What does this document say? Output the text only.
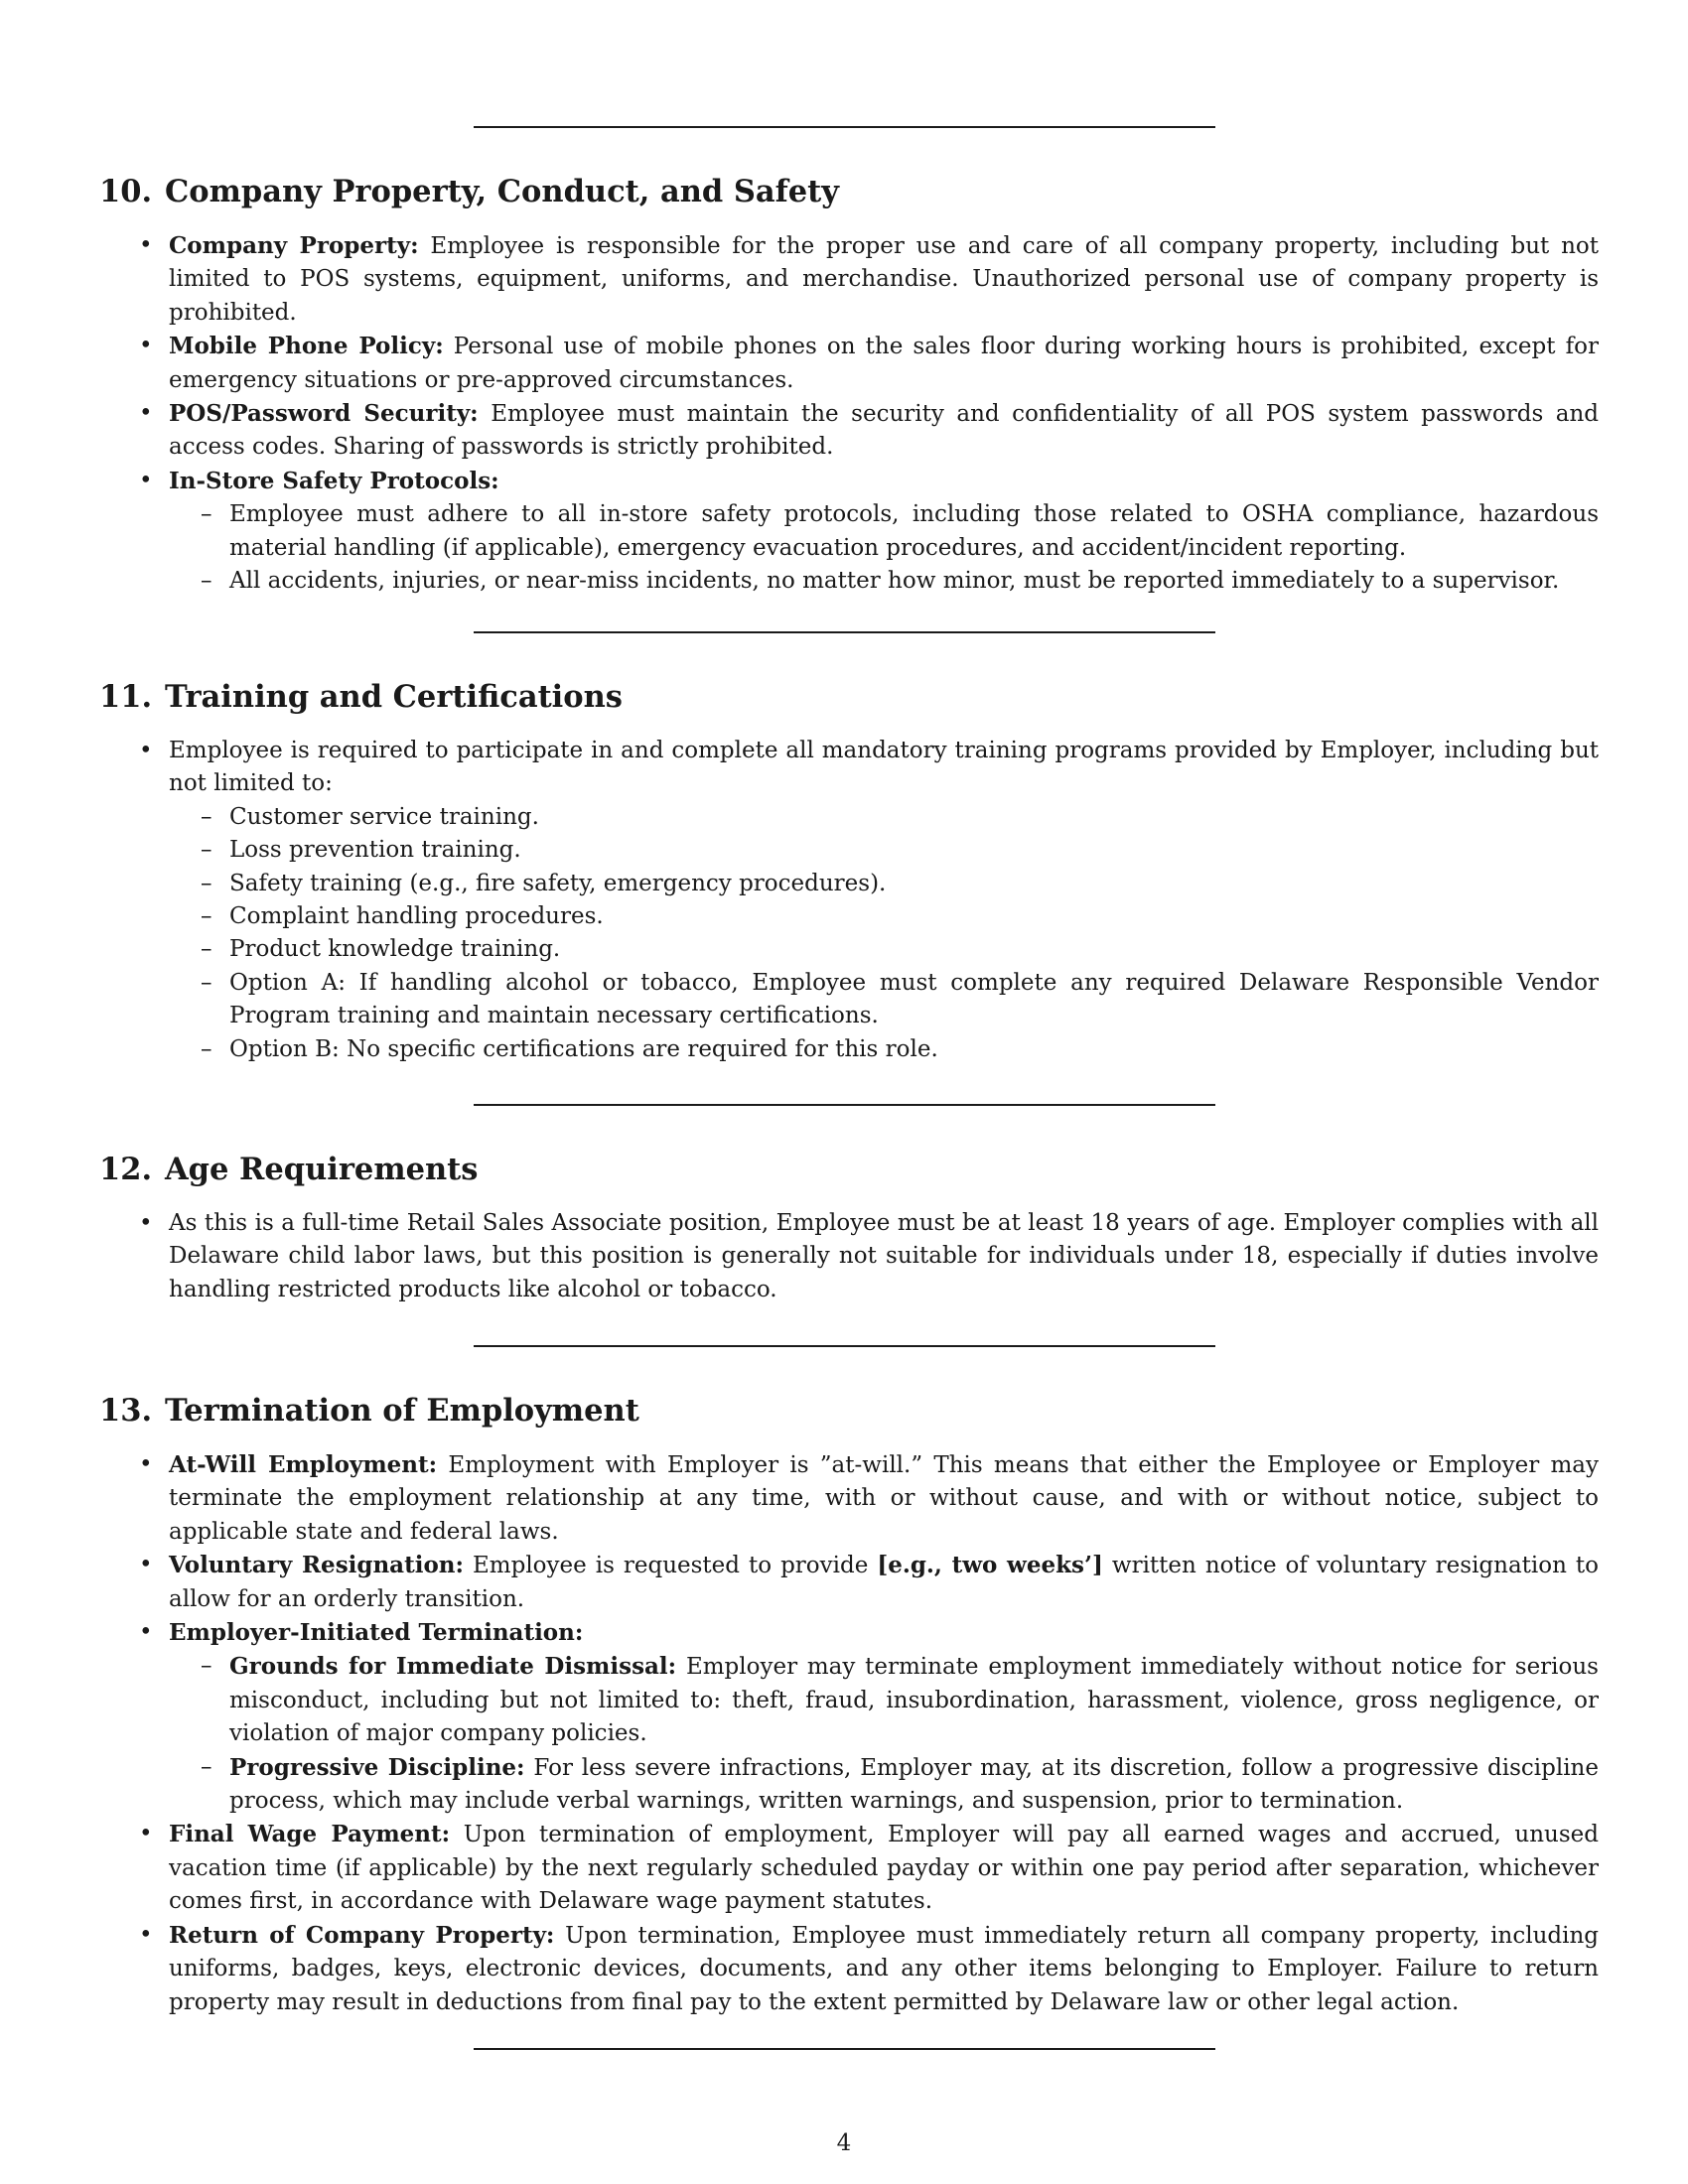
10. Company Property, Conduct, and Safety
• Company Property: Employee is responsible for the proper use and care of all company property, including but not limited to POS systems, equipment, uniforms, and merchandise. Unauthorized personal use of company property is prohibited.
• Mobile Phone Policy: Personal use of mobile phones on the sales floor during working hours is prohibited, except for emergency situations or pre-approved circumstances.
• POS/Password Security: Employee must maintain the security and confidentiality of all POS system passwords and access codes. Sharing of passwords is strictly prohibited.
• In-Store Safety Protocols:
– Employee must adhere to all in-store safety protocols, including those related to OSHA compliance, hazardous material handling (if applicable), emergency evacuation procedures, and accident/incident reporting.
– All accidents, injuries, or near-miss incidents, no matter how minor, must be reported immediately to a supervisor.
11. Training and Certifications
• Employee is required to participate in and complete all mandatory training programs provided by Employer, including but not limited to:
– Customer service training.
– Loss prevention training.
– Safety training (e.g., fire safety, emergency procedures).
– Complaint handling procedures.
– Product knowledge training.
– Option A: If handling alcohol or tobacco, Employee must complete any required Delaware Responsible Vendor Program training and maintain necessary certifications.
– Option B: No specific certifications are required for this role.
12. Age Requirements
• As this is a full-time Retail Sales Associate position, Employee must be at least 18 years of age. Employer complies with all Delaware child labor laws, but this position is generally not suitable for individuals under 18, especially if duties involve handling restricted products like alcohol or tobacco.
13. Termination of Employment
• At-Will Employment: Employment with Employer is ”at-will.” This means that either the Employee or Employer may terminate the employment relationship at any time, with or without cause, and with or without notice, subject to applicable state and federal laws.
• Voluntary Resignation: Employee is requested to provide [e.g., two weeks’] written notice of voluntary resignation to allow for an orderly transition.
• Employer-Initiated Termination:
– Grounds for Immediate Dismissal: Employer may terminate employment immediately without notice for serious misconduct, including but not limited to: theft, fraud, insubordination, harassment, violence, gross negligence, or violation of major company policies.
– Progressive Discipline: For less severe infractions, Employer may, at its discretion, follow a progressive discipline process, which may include verbal warnings, written warnings, and suspension, prior to termination.
• Final Wage Payment: Upon termination of employment, Employer will pay all earned wages and accrued, unused vacation time (if applicable) by the next regularly scheduled payday or within one pay period after separation, whichever comes first, in accordance with Delaware wage payment statutes.
• Return of Company Property: Upon termination, Employee must immediately return all company property, including uniforms, badges, keys, electronic devices, documents, and any other items belonging to Employer. Failure to return property may result in deductions from final pay to the extent permitted by Delaware law or other legal action.
4
